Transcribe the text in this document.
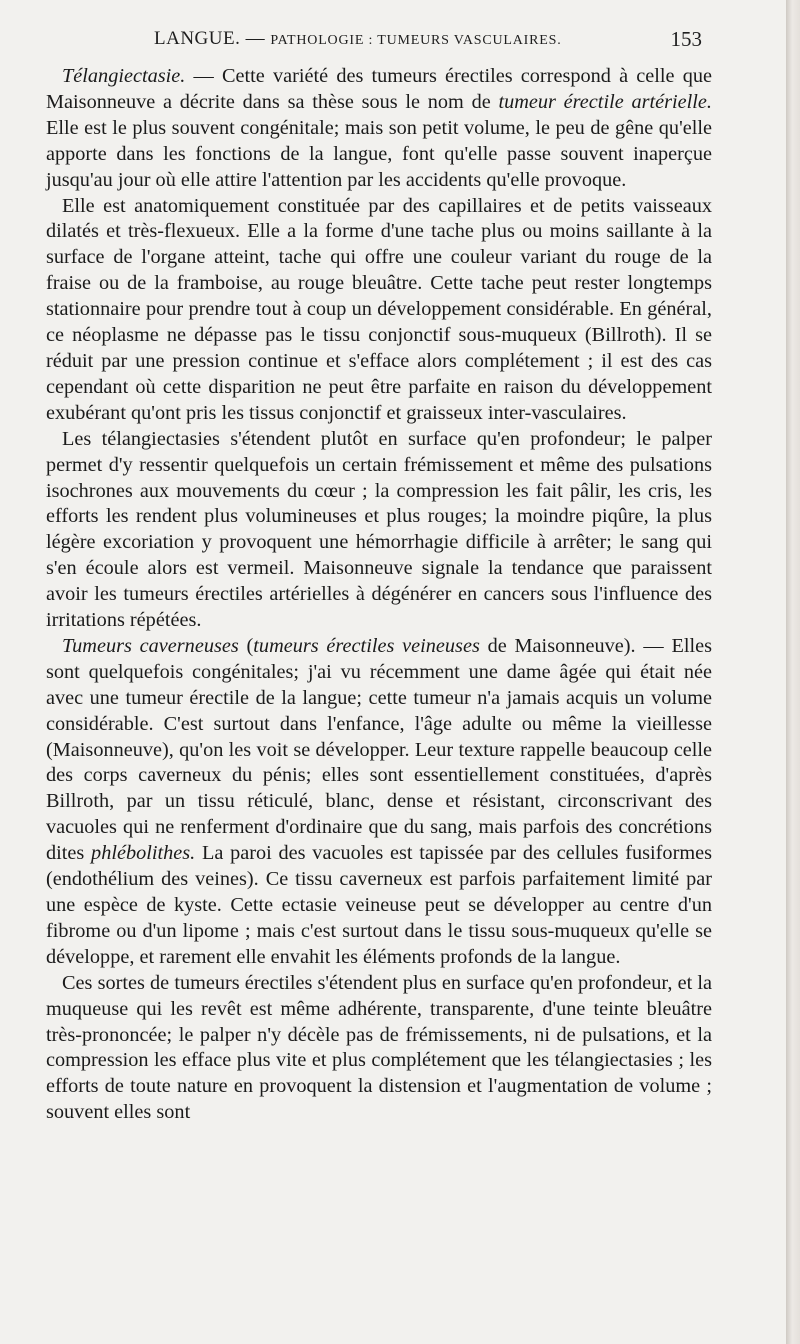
LANGUE. — PATHOLOGIE : TUMEURS VASCULAIRES.	153

Télangiectasie. — Cette variété des tumeurs érectiles correspond à celle que Maisonneuve a décrite dans sa thèse sous le nom de tumeur érectile artérielle. Elle est le plus souvent congénitale; mais son petit volume, le peu de gêne qu'elle apporte dans les fonctions de la langue, font qu'elle passe souvent inaperçue jusqu'au jour où elle attire l'attention par les accidents qu'elle provoque.

Elle est anatomiquement constituée par des capillaires et de petits vaisseaux dilatés et très-flexueux. Elle a la forme d'une tache plus ou moins saillante à la surface de l'organe atteint, tache qui offre une couleur variant du rouge de la fraise ou de la framboise, au rouge bleuâtre. Cette tache peut rester longtemps stationnaire pour prendre tout à coup un développement considérable. En général, ce néoplasme ne dépasse pas le tissu conjonctif sous-muqueux (Billroth). Il se réduit par une pression continue et s'efface alors complétement ; il est des cas cependant où cette disparition ne peut être parfaite en raison du développement exubérant qu'ont pris les tissus conjonctif et graisseux inter-vasculaires.

Les télangiectasies s'étendent plutôt en surface qu'en profondeur; le palper permet d'y ressentir quelquefois un certain frémissement et même des pulsations isochrones aux mouvements du cœur ; la compression les fait pâlir, les cris, les efforts les rendent plus volumineuses et plus rouges; la moindre piqûre, la plus légère excoriation y provoquent une hémorrhagie difficile à arrêter; le sang qui s'en écoule alors est vermeil. Maisonneuve signale la tendance que paraissent avoir les tumeurs érectiles artérielles à dégénérer en cancers sous l'influence des irritations répétées.

Tumeurs caverneuses (tumeurs érectiles veineuses de Maisonneuve). — Elles sont quelquefois congénitales; j'ai vu récemment une dame âgée qui était née avec une tumeur érectile de la langue; cette tumeur n'a jamais acquis un volume considérable. C'est surtout dans l'enfance, l'âge adulte ou même la vieillesse (Maisonneuve), qu'on les voit se développer. Leur texture rappelle beaucoup celle des corps caverneux du pénis; elles sont essentiellement constituées, d'après Billroth, par un tissu réticulé, blanc, dense et résistant, circonscrivant des vacuoles qui ne renferment d'ordinaire que du sang, mais parfois des concrétions dites phlébolithes. La paroi des vacuoles est tapissée par des cellules fusiformes (endothélium des veines). Ce tissu caverneux est parfois parfaitement limité par une espèce de kyste. Cette ectasie veineuse peut se développer au centre d'un fibrome ou d'un lipome ; mais c'est surtout dans le tissu sous-muqueux qu'elle se développe, et rarement elle envahit les éléments profonds de la langue.

Ces sortes de tumeurs érectiles s'étendent plus en surface qu'en profondeur, et la muqueuse qui les revêt est même adhérente, transparente, d'une teinte bleuâtre très-prononcée; le palper n'y décèle pas de frémissements, ni de pulsations, et la compression les efface plus vite et plus complétement que les télangiectasies ; les efforts de toute nature en provoquent la distension et l'augmentation de volume ; souvent elles sont
